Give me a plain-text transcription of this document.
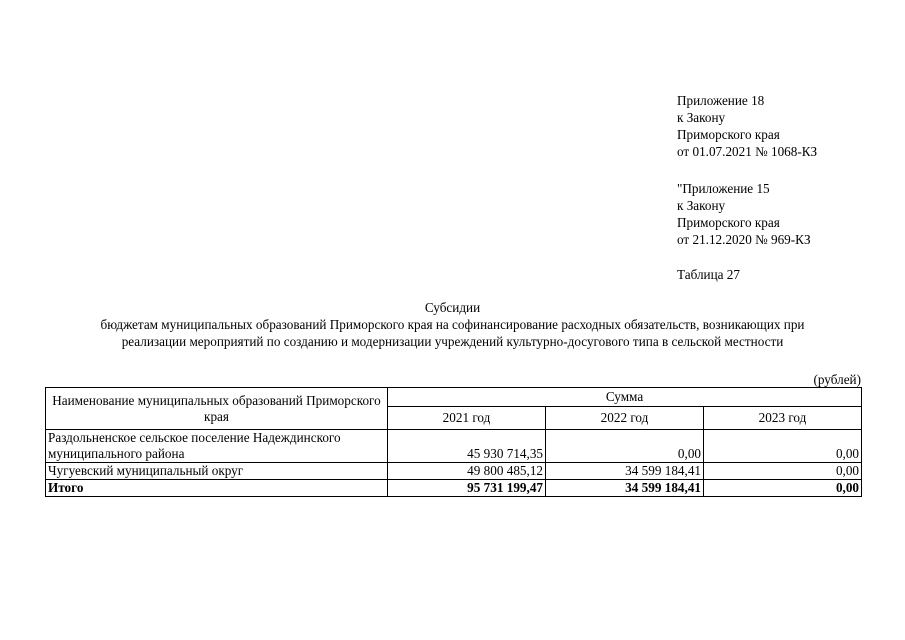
Приложение 18
к Закону
Приморского края
от 01.07.2021 № 1068-КЗ
"Приложение 15
к Закону
Приморского края
от 21.12.2020 № 969-КЗ
Таблица 27
Субсидии
бюджетам муниципальных образований Приморского края на софинансирование расходных обязательств, возникающих при
реализации мероприятий по созданию и модернизации учреждений культурно-досугового типа в сельской местности
(рублей)
Наименование муниципальных образований Приморского края	Сумма		
	2021 год	2022 год	2023 год
Раздольненское сельское поселение Надеждинского муниципального района	45 930 714,35	0,00	0,00
Чугуевский муниципальный округ	49 800 485,12	34 599 184,41	0,00
Итого	95 731 199,47	34 599 184,41	0,00
